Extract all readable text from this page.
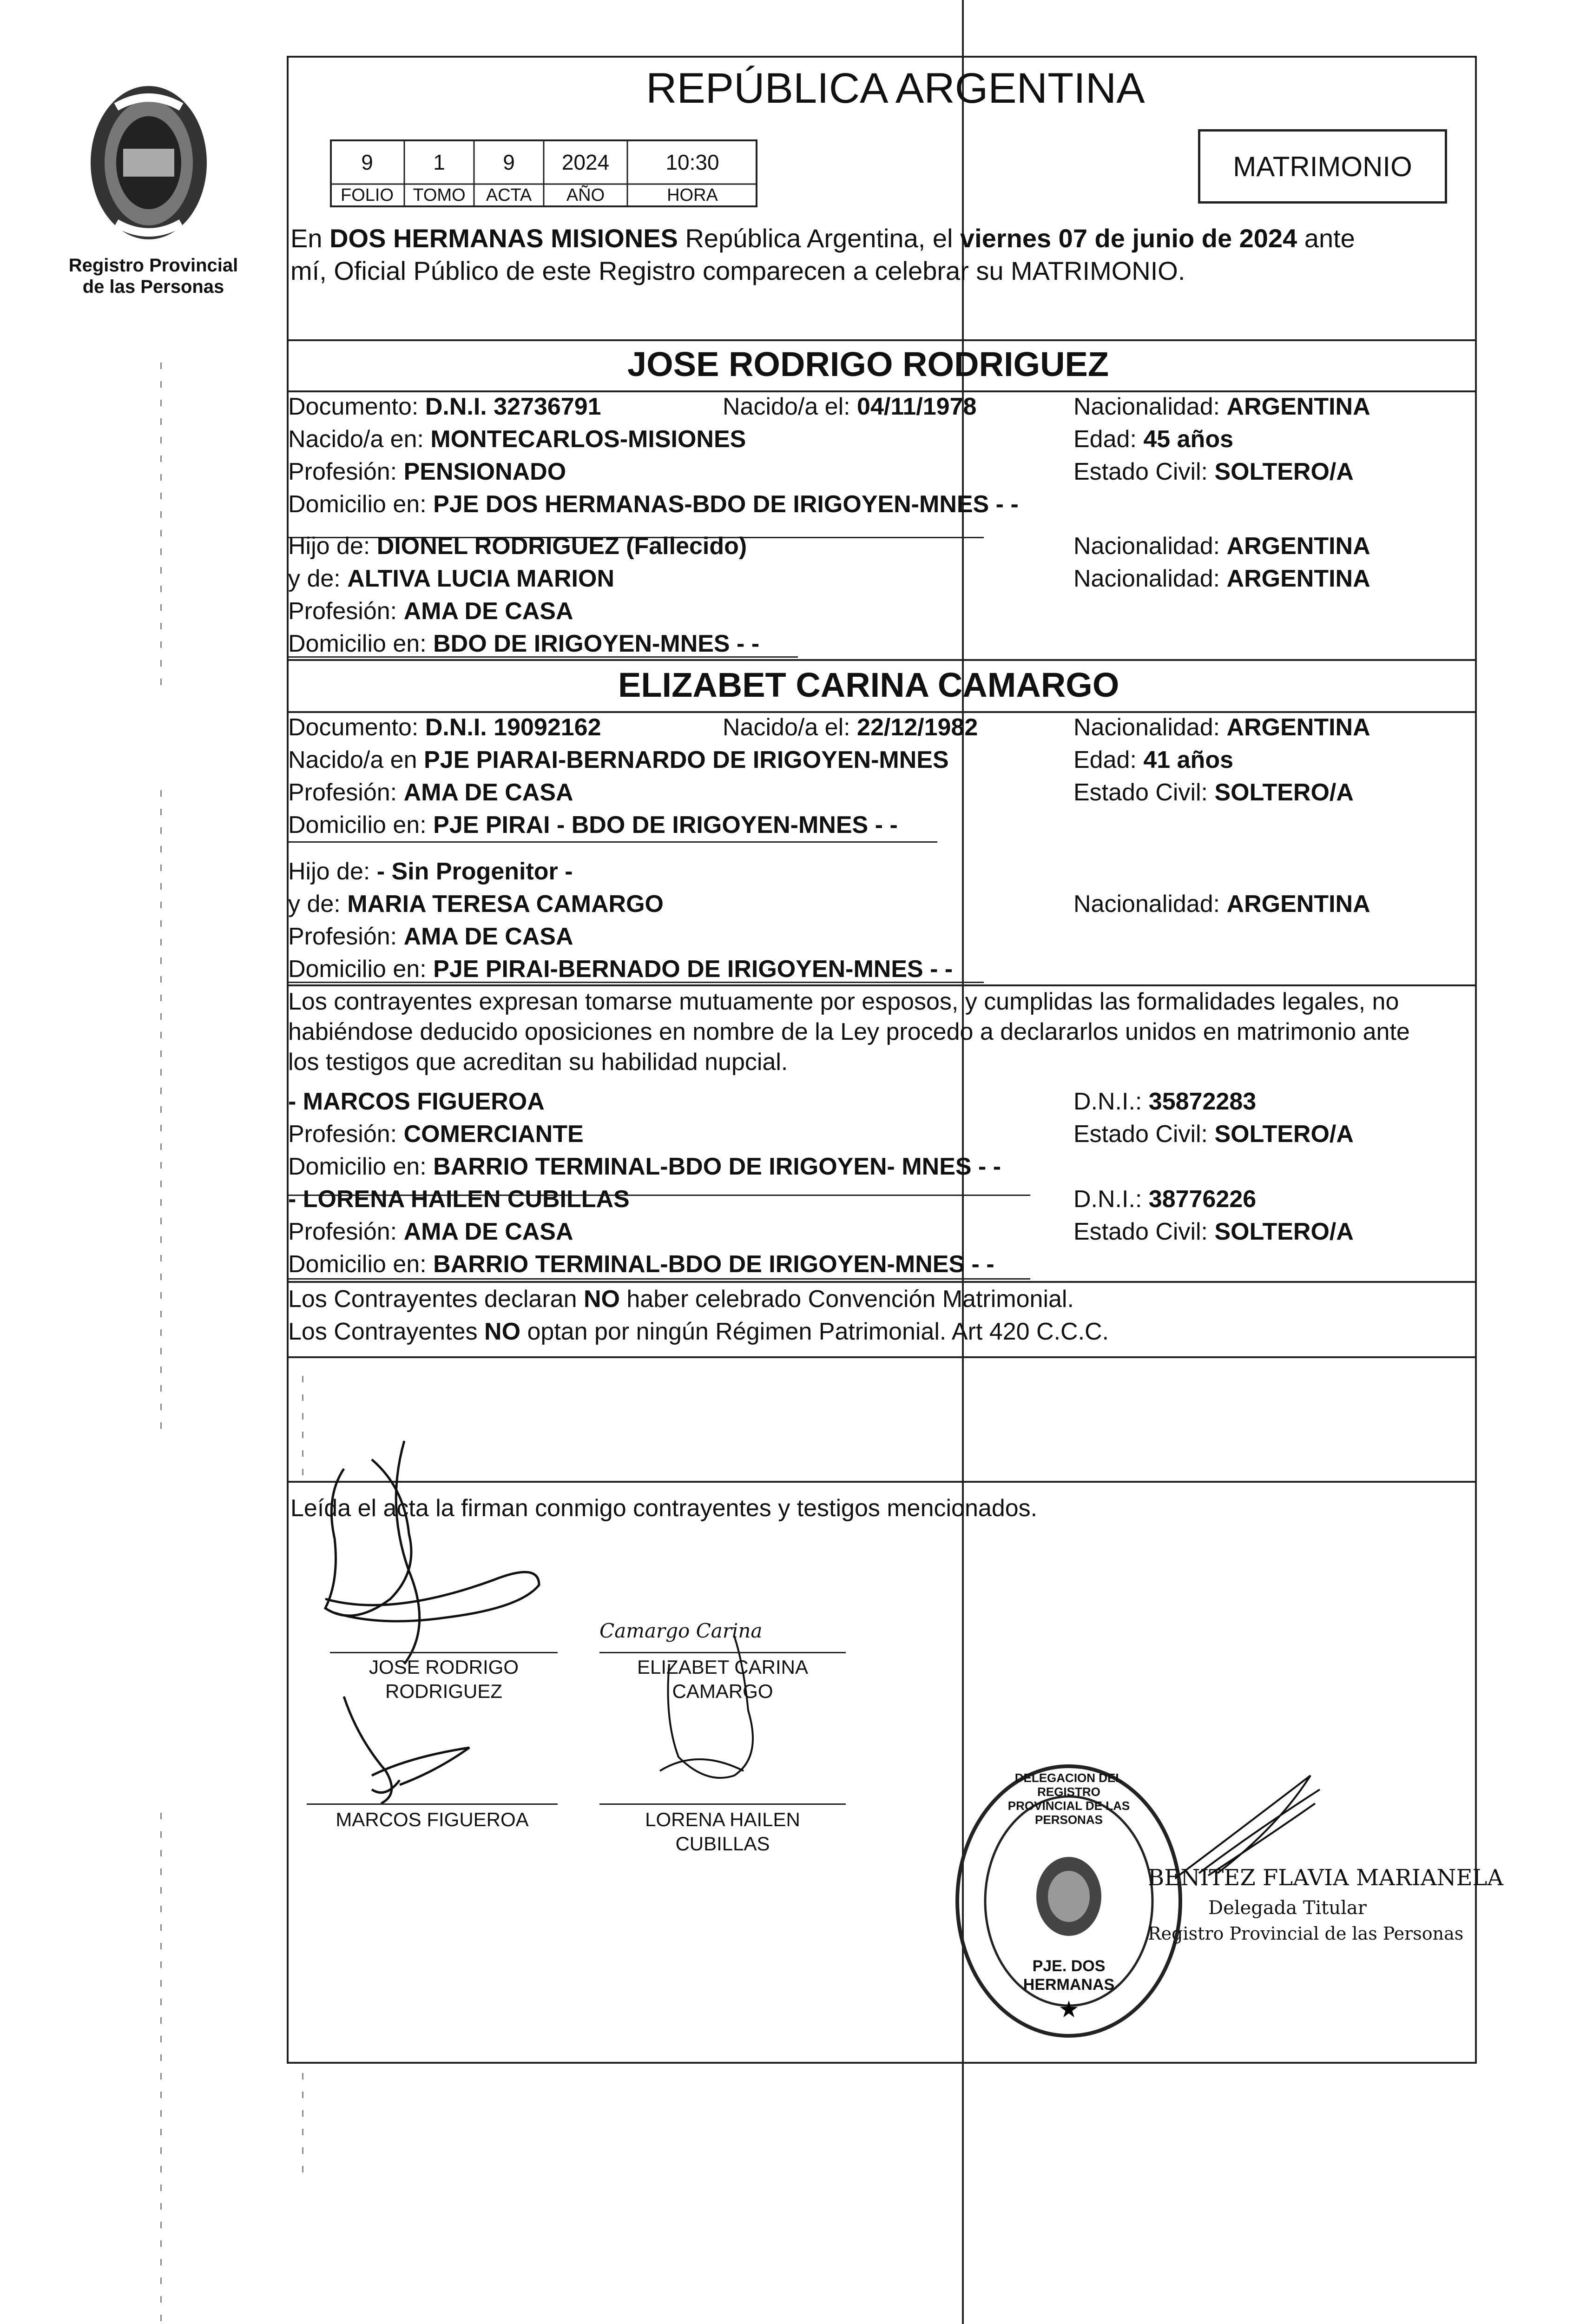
Registro Provincial
de las Personas
REPÚBLICA ARGENTINA
9	1	9	2024	10:30
FOLIO	TOMO	ACTA	AÑO	HORA
MATRIMONIO
En DOS HERMANAS MISIONES República Argentina, el viernes 07 de junio de 2024 ante
mí, Oficial Público de este Registro comparecen a celebrar su MATRIMONIO.
JOSE RODRIGO RODRIGUEZ
Documento: D.N.I. 32736791	Nacido/a el: 04/11/1978	Nacionalidad: ARGENTINA
Nacido/a en: MONTECARLOS-MISIONES	Edad: 45 años
Profesión: PENSIONADO	Estado Civil: SOLTERO/A
Domicilio en: PJE DOS HERMANAS-BDO DE IRIGOYEN-MNES - -
Hijo de: DIONEL RODRIGUEZ (Fallecido)	Nacionalidad: ARGENTINA
y de: ALTIVA LUCIA MARION	Nacionalidad: ARGENTINA
Profesión: AMA DE CASA
Domicilio en: BDO DE IRIGOYEN-MNES - -
ELIZABET CARINA CAMARGO
Documento: D.N.I. 19092162	Nacido/a el: 22/12/1982	Nacionalidad: ARGENTINA
Nacido/a en PJE PIARAI-BERNARDO DE IRIGOYEN-MNES	Edad: 41 años
Profesión: AMA DE CASA	Estado Civil: SOLTERO/A
Domicilio en: PJE PIRAI - BDO DE IRIGOYEN-MNES - -
Hijo de: - Sin Progenitor -
y de: MARIA TERESA CAMARGO	Nacionalidad: ARGENTINA
Profesión: AMA DE CASA
Domicilio en: PJE PIRAI-BERNADO DE IRIGOYEN-MNES - -
Los contrayentes expresan tomarse mutuamente por esposos, y cumplidas las formalidades legales, no
habiéndose deducido oposiciones en nombre de la Ley procedo a declararlos unidos en matrimonio ante
los testigos que acreditan su habilidad nupcial.
- MARCOS FIGUEROA	D.N.I.: 35872283
Profesión: COMERCIANTE	Estado Civil: SOLTERO/A
Domicilio en: BARRIO TERMINAL-BDO DE IRIGOYEN- MNES - -
- LORENA HAILEN CUBILLAS	D.N.I.: 38776226
Profesión: AMA DE CASA	Estado Civil: SOLTERO/A
Domicilio en: BARRIO TERMINAL-BDO DE IRIGOYEN-MNES - -
Los Contrayentes declaran NO haber celebrado Convención Matrimonial.
Los Contrayentes NO optan por ningún Régimen Patrimonial. Art 420 C.C.C.
Leída el acta la firman conmigo contrayentes y testigos mencionados.
JOSE RODRIGO
RODRIGUEZ
Camargo Carina
ELIZABET CARINA
CAMARGO
MARCOS FIGUEROA	LORENA HAILEN
CUBILLAS
★
DELEGACION DEL REGISTRO PROVINCIAL DE LAS PERSONAS
PJE. DOS HERMANAS
BENITEZ FLAVIA MARIANELA
Delegada Titular
Registro Provincial de las Personas
